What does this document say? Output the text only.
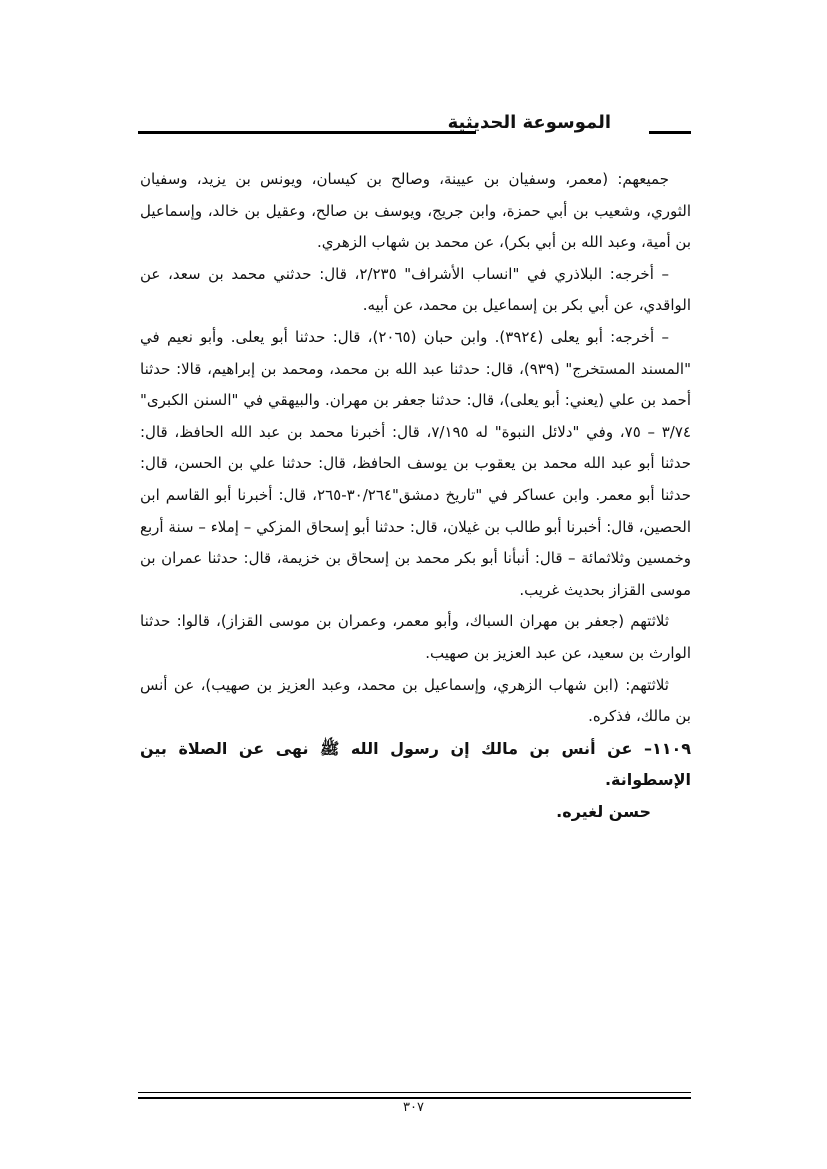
الموسوعة الحديثية

جميعهم: (معمر، وسفيان بن عيينة، وصالح بن كيسان، ويونس بن يزيد، وسفيان الثوري، وشعيب بن أبي حمزة، وابن جريج، ويوسف بن صالح، وعقيل بن خالد، وإسماعيل بن أمية، وعبد الله بن أبي بكر)، عن محمد بن شهاب الزهري.

– أخرجه: البلاذري في "انساب الأشراف" ٢/٢٣٥، قال: حدثني محمد بن سعد، عن الواقدي، عن أبي بكر بن إسماعيل بن محمد، عن أبيه.

– أخرجه: أبو يعلى (٣٩٢٤). وابن حبان (٢٠٦٥)، قال: حدثنا أبو يعلى. وأبو نعيم في "المسند المستخرج" (٩٣٩)، قال: حدثنا عبد الله بن محمد، ومحمد بن إبراهيم، قالا: حدثنا أحمد بن علي (يعني: أبو يعلى)، قال: حدثنا جعفر بن مهران. والبيهقي في "السنن الكبرى" ٣/٧٤ – ٧٥، وفي "دلائل النبوة" له ٧/١٩٥، قال: أخبرنا محمد بن عبد الله الحافظ، قال: حدثنا أبو عبد الله محمد بن يعقوب بن يوسف الحافظ، قال: حدثنا علي بن الحسن، قال: حدثنا أبو معمر. وابن عساكر في "تاريخ دمشق"٣٠/٢٦٤-٢٦٥، قال: أخبرنا أبو القاسم ابن الحصين، قال: أخبرنا أبو طالب بن غيلان، قال: حدثنا أبو إسحاق المزكي – إملاء – سنة أربع وخمسين وثلاثمائة – قال: أنبأنا أبو بكر محمد بن إسحاق بن خزيمة، قال: حدثنا عمران بن موسى القزاز بحديث غريب.

ثلاثتهم (جعفر بن مهران السباك، وأبو معمر، وعمران بن موسى القزاز)، قالوا: حدثنا الوارث بن سعيد، عن عبد العزيز بن صهيب.

ثلاثتهم: (ابن شهاب الزهري، وإسماعيل بن محمد، وعبد العزيز بن صهيب)، عن أنس بن مالك، فذكره.

١١٠٩– عن أنس بن مالك إن رسول الله ﷺ نهى عن الصلاة بين الإسطوانة.

حسن لغيره.

٣٠٧
